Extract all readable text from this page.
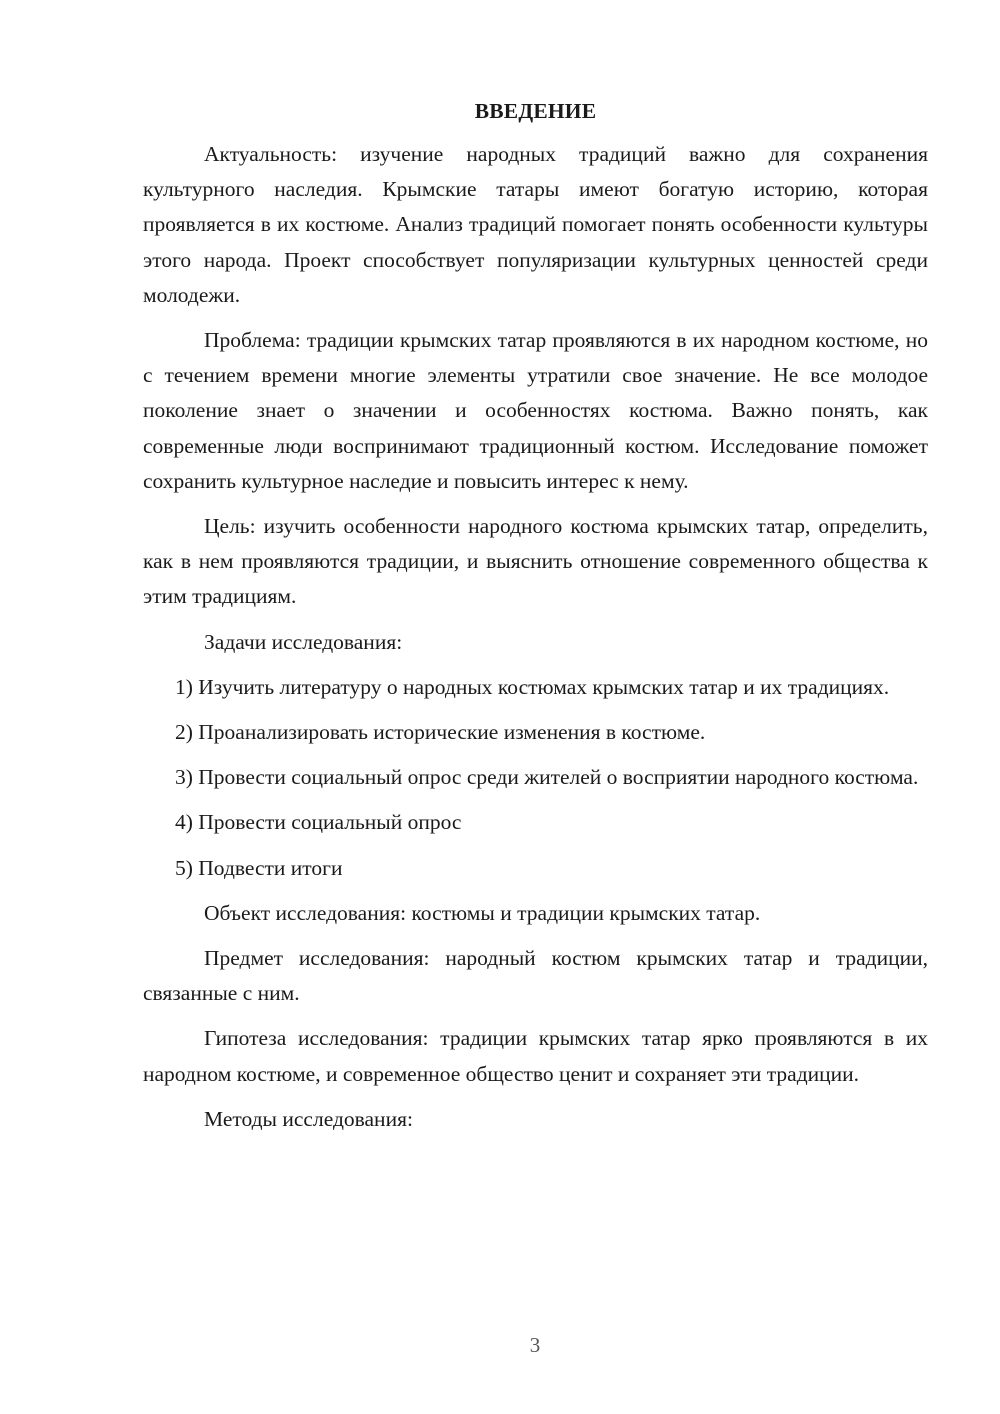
ВВЕДЕНИЕ

Актуальность: изучение народных традиций важно для сохранения культурного наследия. Крымские татары имеют богатую историю, которая проявляется в их костюме. Анализ традиций помогает понять особенности культуры этого народа. Проект способствует популяризации культурных ценностей среди молодежи.

Проблема: традиции крымских татар проявляются в их народном костюме, но с течением времени многие элементы утратили свое значение. Не все молодое поколение знает о значении и особенностях костюма. Важно понять, как современные люди воспринимают традиционный костюм. Исследование поможет сохранить культурное наследие и повысить интерес к нему.

Цель: изучить особенности народного костюма крымских татар, определить, как в нем проявляются традиции, и выяснить отношение современного общества к этим традициям.

Задачи исследования:

1) Изучить литературу о народных костюмах крымских татар и их традициях.

2) Проанализировать исторические изменения в костюме.

3) Провести социальный опрос среди жителей о восприятии народного костюма.

4) Провести социальный опрос

5) Подвести итоги

Объект исследования: костюмы и традиции крымских татар.

Предмет исследования: народный костюм крымских татар и традиции, связанные с ним.

Гипотеза исследования: традиции крымских татар ярко проявляются в их народном костюме, и современное общество ценит и сохраняет эти традиции.

Методы исследования:

3
